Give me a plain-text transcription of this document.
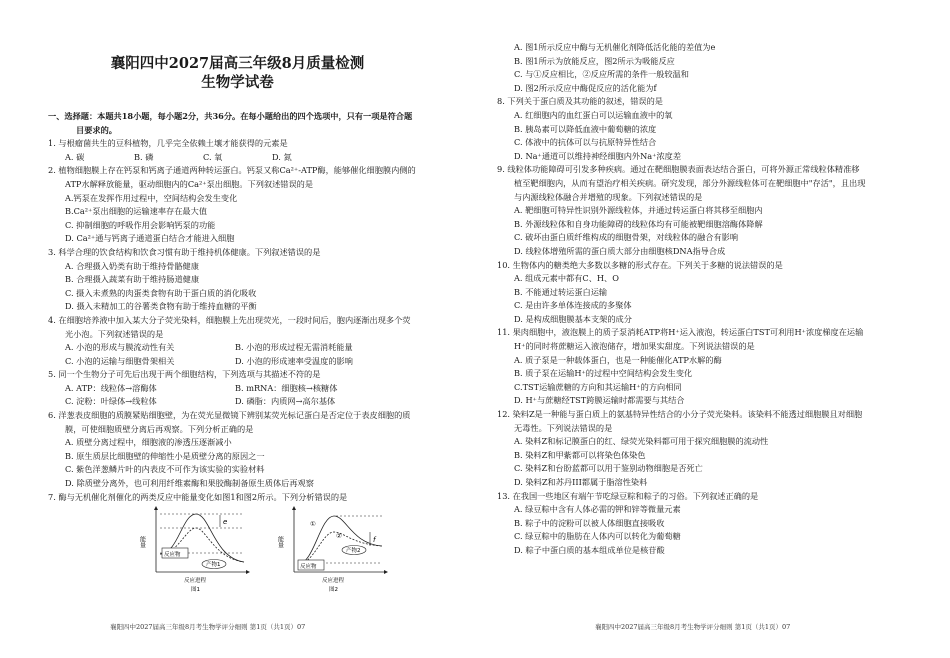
襄阳四中2027届高三年级8月质量检测
生物学试卷
一、选择题：本题共18小题，每小题2分，共36分。在每小题给出的四个选项中，只有一项是符合题
目要求的。
1. 与根瘤菌共生的豆科植物，几乎完全依赖土壤才能获得的元素是
A. 碳	B. 磷	C. 氧	D. 氮
2. 植物细胞膜上存在钙泵和钙离子通道两种转运蛋白。钙泵又称Ca²⁺-ATP酶，能够催化细胞膜内侧的
ATP水解释放能量，驱动细胞内的Ca²⁺泵出细胞。下列叙述错误的是
A.钙泵在发挥作用过程中，空间结构会发生变化
B.Ca²⁺泵出细胞的运输速率存在最大值
C. 抑制细胞的呼吸作用会影响钙泵的功能
D. Ca²⁺通与钙离子通道蛋白结合才能进入细胞
3. 科学合理的饮食结构和饮食习惯有助于维持机体健康。下列叙述错误的是
A. 合理摄入奶类有助于维持骨骼健康
B. 合理摄入蔬菜有助于维持肠道健康
C. 摄入未煮熟的肉蛋类食物有助于蛋白质的消化吸收
D. 摄入未精加工的谷薯类食物有助于维持血糖的平衡
4. 在细胞培养液中加入某大分子荧光染料，细胞膜上先出现荧光，一段时间后，胞内逐渐出现多个荧
光小泡。下列叙述错误的是
A. 小泡的形成与膜流动性有关	B. 小泡的形成过程无需消耗能量
C. 小泡的运输与细胞骨架相关	D. 小泡的形成速率受温度的影响
5. 同一个生物分子可先后出现于两个细胞结构，下列选项与其描述不符的是
A. ATP：线粒体→溶酶体	B. mRNA：细胞核→核糖体
C. 淀粉：叶绿体→线粒体	D. 磷脂：内质网→高尔基体
6. 洋葱表皮细胞的质膜紧贴细胞壁，为在荧光显微镜下辨别某荧光标记蛋白是否定位于表皮细胞的质
膜，可使细胞质壁分离后再观察。下列分析正确的是
A. 质壁分离过程中，细胞液的渗透压逐渐减小
B. 原生质层比细胞壁的伸缩性小是质壁分离的原因之一
C. 紫色洋葱鳞片叶的内表皮不可作为该实验的实验材料
D. 除质壁分离外，也可利用纤维素酶和果胶酶制备原生质体后再观察
7. 酶与无机催化剂催化的两类反应中能量变化如图1和图2所示。下列分析错误的是
能量
e
反应物
产物1
反应进程
图1
能量	f
①
②
反应物
产物2
反应进程
图2
襄阳四中2027届高三年级8月考生物学评分细则 第1页（共1页）07
A. 图1所示反应中酶与无机催化剂降低活化能的差值为e
B. 图1所示为放能反应，图2所示为吸能反应
C. 与①反应相比，②反应所需的条件一般较温和
D. 图2所示反应中酶促反应的活化能为f
8. 下列关于蛋白质及其功能的叙述，错误的是
A. 红细胞内的血红蛋白可以运输血液中的氧
B. 胰岛素可以降低血液中葡萄糖的浓度
C. 体液中的抗体可以与抗原特异性结合
D. Na⁺通道可以维持神经细胞内外Na⁺浓度差
9. 线粒体功能障碍可引发多种疾病。通过在靶细胞膜表面表达结合蛋白，可将外源正常线粒体精准移
植至靶细胞内，从而有望治疗相关疾病。研究发现，部分外源线粒体可在靶细胞中"存活"，且出现
与内源线粒体融合并增殖的现象。下列叙述错误的是
A. 靶细胞可特异性识别外源线粒体，并通过转运蛋白将其移至细胞内
B. 外源线粒体和自身功能障碍的线粒体均有可能被靶细胞溶酶体降解
C. 破坏由蛋白质纤维构成的细胞骨架，对线粒体的融合有影响
D. 线粒体增殖所需的蛋白质大部分由细胞核DNA指导合成
10. 生物体内的糖类绝大多数以多糖的形式存在。下列关于多糖的说法错误的是
A. 组成元素中都有C、H、O
B. 不能通过转运蛋白运输
C. 是由许多单体连接成的多聚体
D. 是构成细胞膜基本支架的成分
11. 果肉细胞中，液泡膜上的质子泵消耗ATP将H⁺运入液泡，转运蛋白TST可利用H⁺浓度梯度在运输
H⁺的同时将蔗糖运入液泡储存，增加果实甜度。下列说法错误的是
A. 质子泵是一种载体蛋白，也是一种能催化ATP水解的酶
B. 质子泵在运输H⁺的过程中空间结构会发生变化
C.TST运输蔗糖的方向和其运输H⁺的方向相同
D. H⁺与蔗糖经TST跨膜运输时都需要与其结合
12. 染料Z是一种能与蛋白质上的氨基特异性结合的小分子荧光染料。该染料不能透过细胞膜且对细胞
无毒性。下列说法错误的是
A. 染料Z和标记膜蛋白的红、绿荧光染料都可用于探究细胞膜的流动性
B. 染料Z和甲紫都可以将染色体染色
C. 染料Z和台盼蓝都可以用于鉴别动物细胞是否死亡
D. 染料Z和苏丹III都属于脂溶性染料
13. 在我国一些地区有端午节吃绿豆粽和粽子的习俗。下列叙述正确的是
A. 绿豆粽中含有人体必需的钾和锌等微量元素
B. 粽子中的淀粉可以被人体细胞直接吸收
C. 绿豆粽中的脂肪在人体内可以转化为葡萄糖
D. 粽子中蛋白质的基本组成单位是核苷酸
襄阳四中2027届高三年级8月考生物学评分细则 第1页（共1页）07
